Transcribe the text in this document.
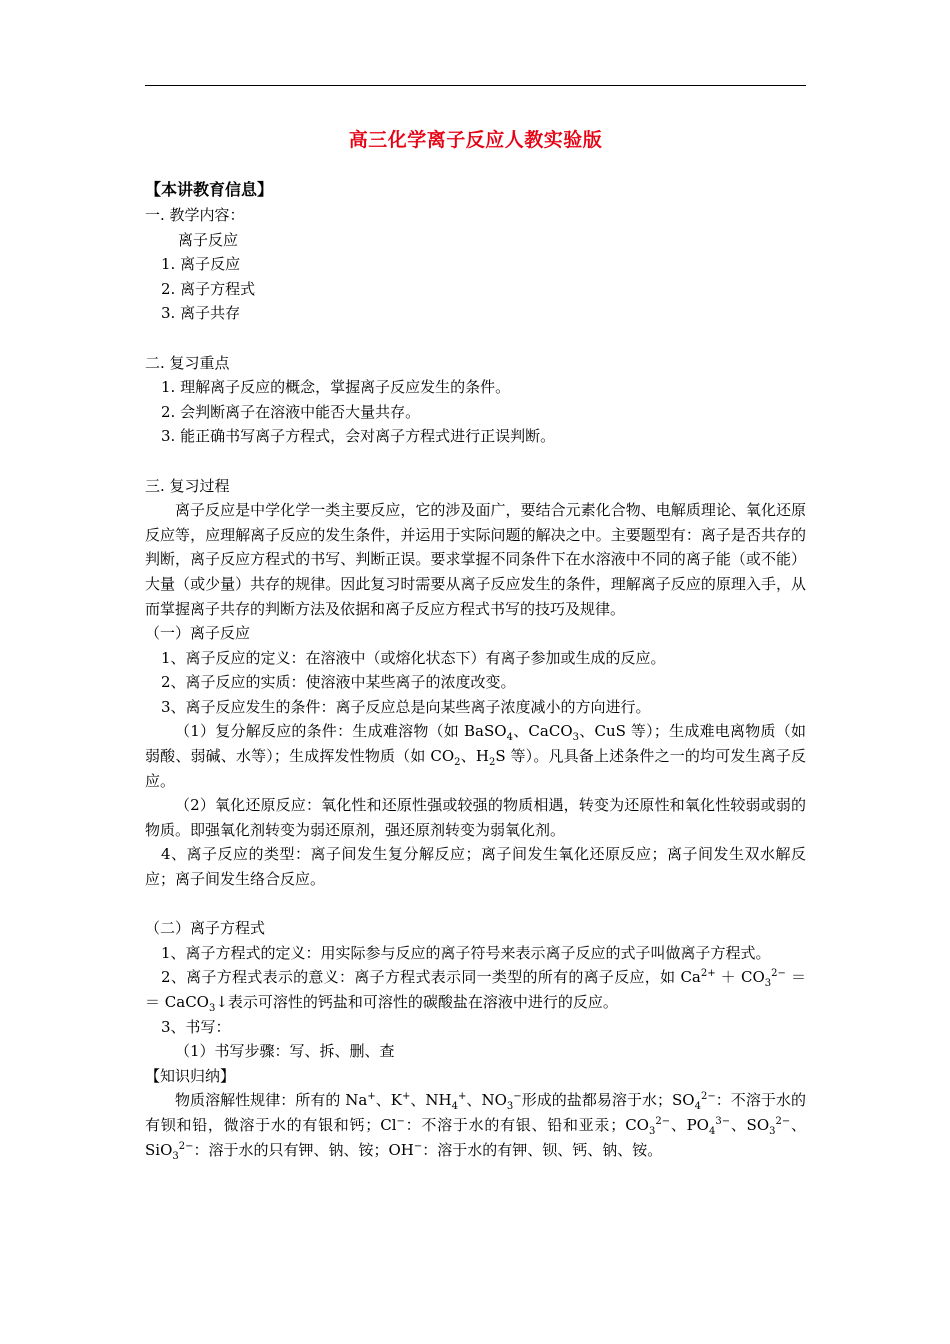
高三化学离子反应人教实验版

【本讲教育信息】

一. 教学内容：

离子反应

1. 离子反应

2. 离子方程式

3. 离子共存

二. 复习重点

1. 理解离子反应的概念，掌握离子反应发生的条件。

2. 会判断离子在溶液中能否大量共存。

3. 能正确书写离子方程式，会对离子方程式进行正误判断。

三. 复习过程

离子反应是中学化学一类主要反应，它的涉及面广，要结合元素化合物、电解质理论、氧化还原反应等，应理解离子反应的发生条件，并运用于实际问题的解决之中。主要题型有：离子是否共存的判断，离子反应方程式的书写、判断正误。要求掌握不同条件下在水溶液中不同的离子能（或不能）大量（或少量）共存的规律。因此复习时需要从离子反应发生的条件，理解离子反应的原理入手，从而掌握离子共存的判断方法及依据和离子反应方程式书写的技巧及规律。

（一）离子反应

1、离子反应的定义：在溶液中（或熔化状态下）有离子参加或生成的反应。

2、离子反应的实质：使溶液中某些离子的浓度改变。

3、离子反应发生的条件：离子反应总是向某些离子浓度减小的方向进行。

（1）复分解反应的条件：生成难溶物（如 BaSO$_4$、CaCO$_3$、CuS 等）；生成难电离物质（如弱酸、弱碱、水等）；生成挥发性物质（如 $CO_2$、$H_2S$ 等）。凡具备上述条件之一的均可发生离子反应。

（2）氧化还原反应：氧化性和还原性强或较强的物质相遇，转变为还原性和氧化性较弱或弱的物质。即强氧化剂转变为弱还原剂，强还原剂转变为弱氧化剂。

4、离子反应的类型：离子间发生复分解反应；离子间发生氧化还原反应；离子间发生双水解反应；离子间发生络合反应。

（二）离子方程式

1、离子方程式的定义：用实际参与反应的离子符号来表示离子反应的式子叫做离子方程式。

2、离子方程式表示的意义：离子方程式表示同一类型的所有的离子反应，如 $Ca^{2+} + CO_3^{2-}$ ＝＝ CaCO$_3$↓表示可溶性的钙盐和可溶性的碳酸盐在溶液中进行的反应。

3、书写：

（1）书写步骤：写、拆、删、查

【知识归纳】

物质溶解性规律：所有的 Na+、K+、$NH_4^+$、$NO_3^-$形成的盐都易溶于水；$SO_4^{2-}$：不溶于水的有钡和铅，微溶于水的有银和钙；Cl−：不溶于水的有银、铅和亚汞；$CO_3^{2-}$、$PO_4^{3-}$、$SO_3^{2-}$、SiO$_3^{2-}$：溶于水的只有钾、钠、铵；OH−：溶于水的有钾、钡、钙、钠、铵。
